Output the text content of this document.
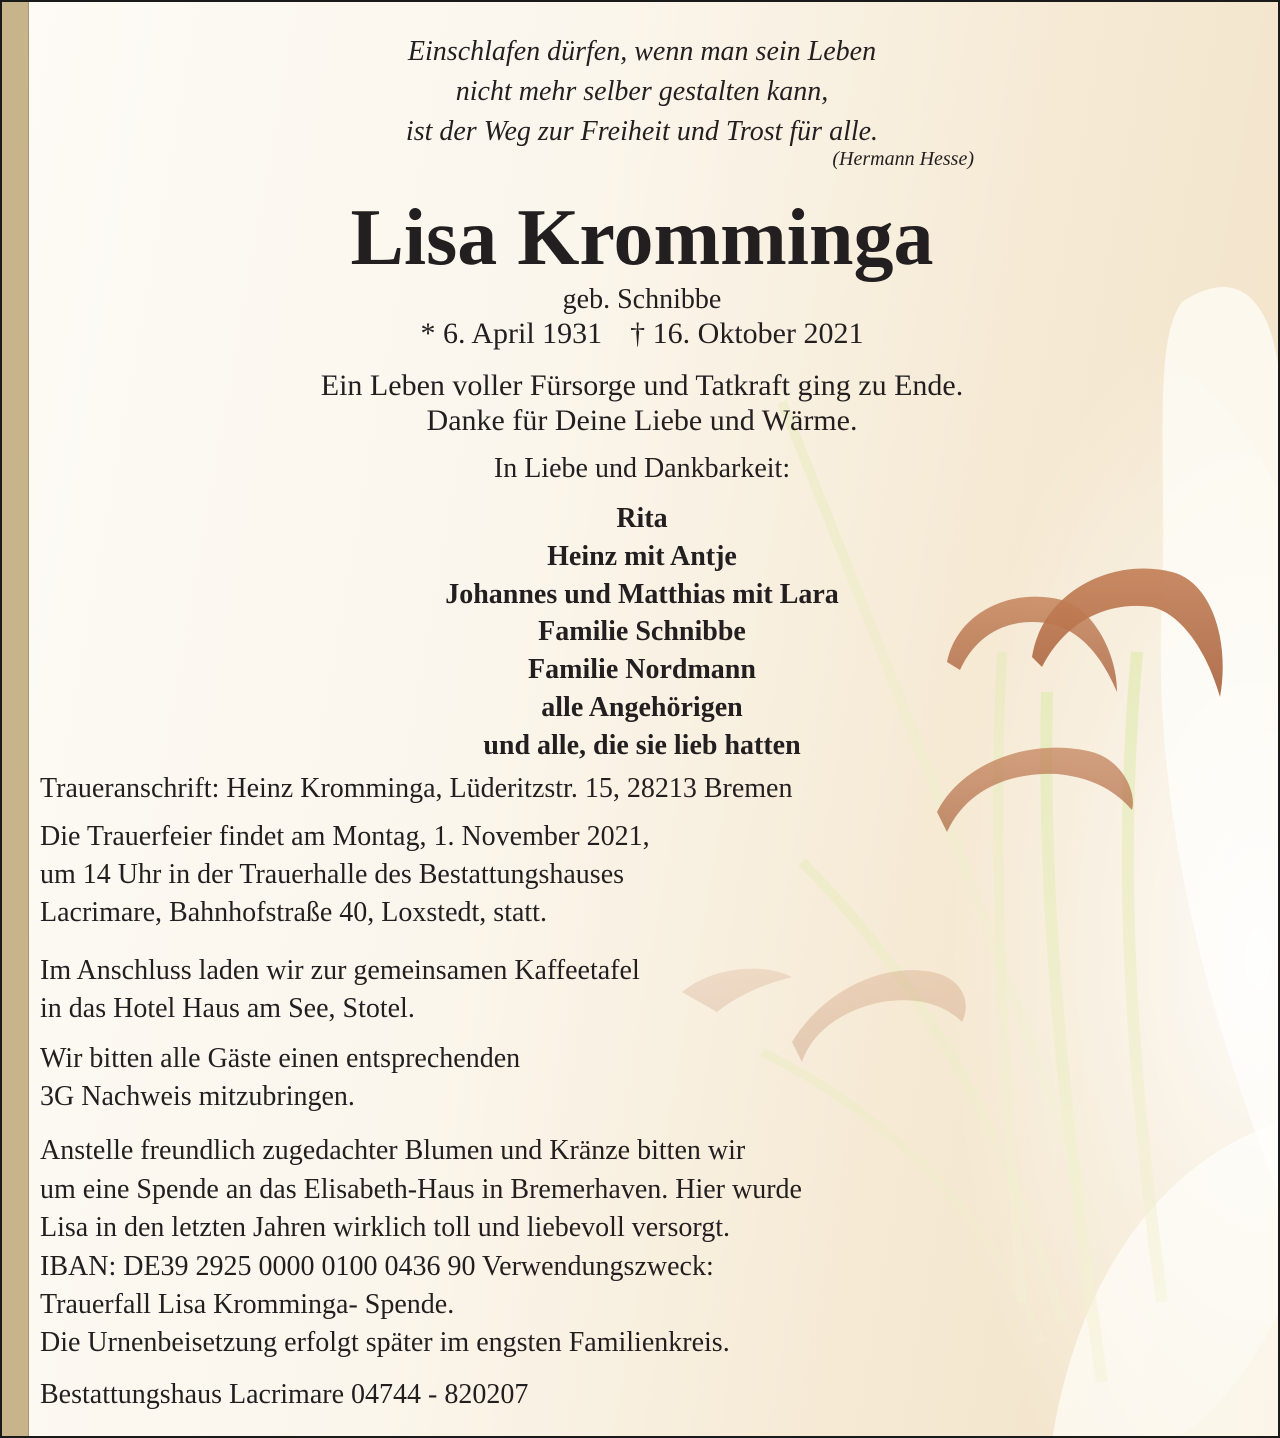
Einschlafen dürfen, wenn man sein Leben
nicht mehr selber gestalten kann,
ist der Weg zur Freiheit und Trost für alle.
(Hermann Hesse)
Lisa Kromminga
geb. Schnibbe
* 6. April 1931 † 16. Oktober 2021
Ein Leben voller Fürsorge und Tatkraft ging zu Ende.
Danke für Deine Liebe und Wärme.
In Liebe und Dankbarkeit:
Rita
Heinz mit Antje
Johannes und Matthias mit Lara
Familie Schnibbe
Familie Nordmann
alle Angehörigen
und alle, die sie lieb hatten
Traueranschrift: Heinz Kromminga, Lüderitzstr. 15, 28213 Bremen
Die Trauerfeier findet am Montag, 1. November 2021,
um 14 Uhr in der Trauerhalle des Bestattungshauses
Lacrimare, Bahnhofstraße 40, Loxstedt, statt.
Im Anschluss laden wir zur gemeinsamen Kaffeetafel
in das Hotel Haus am See, Stotel.
Wir bitten alle Gäste einen entsprechenden
3G Nachweis mitzubringen.
Anstelle freundlich zugedachter Blumen und Kränze bitten wir
um eine Spende an das Elisabeth-Haus in Bremerhaven. Hier wurde
Lisa in den letzten Jahren wirklich toll und liebevoll versorgt.
IBAN: DE39 2925 0000 0100 0436 90 Verwendungszweck:
Trauerfall Lisa Kromminga- Spende.
Die Urnenbeisetzung erfolgt später im engsten Familienkreis.
Bestattungshaus Lacrimare 04744 - 820207
